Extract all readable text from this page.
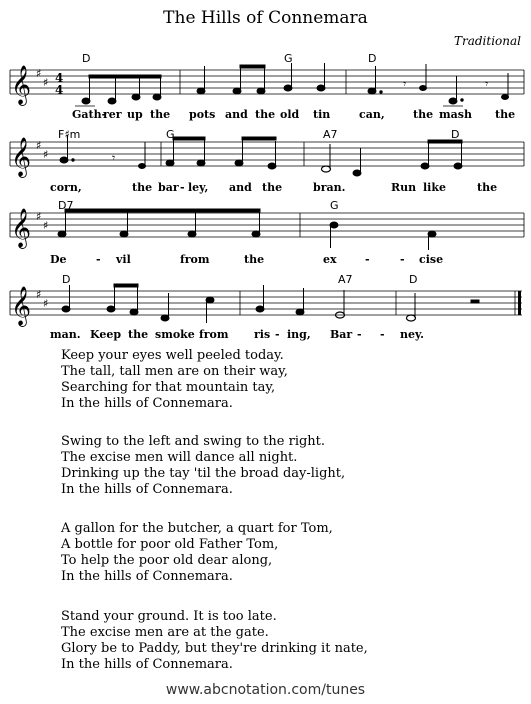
The Hills of Connemara
Traditional
𝄞 ♯
♯ 4
4	𝄾	𝄾
D	G	D
Gath-
rer up the pots and the old tin	can,	the mash the
𝄞 ♯
♯	𝄾
F♯m	G	A7	D
corn,	the bar - ley, and the	bran.	Run like	the
𝄞 ♯
♯
D7	G
De	- vil	from	the	ex	-	- cise
𝄞 ♯
♯
D	A7	D
man. Keep the smoke from ris - ing, Bar - - ney.
Keep your eyes well peeled today.
The tall, tall men are on their way,
Searching for that mountain tay,
In the hills of Connemara.
Swing to the left and swing to the right.
The excise men will dance all night.
Drinking up the tay 'til the broad day-light,
In the hills of Connemara.
A gallon for the butcher, a quart for Tom,
A bottle for poor old Father Tom,
To help the poor old dear along,
In the hills of Connemara.
Stand your ground. It is too late.
The excise men are at the gate.
Glory be to Paddy, but they're drinking it nate,
In the hills of Connemara.
www.abcnotation.com/tunes
